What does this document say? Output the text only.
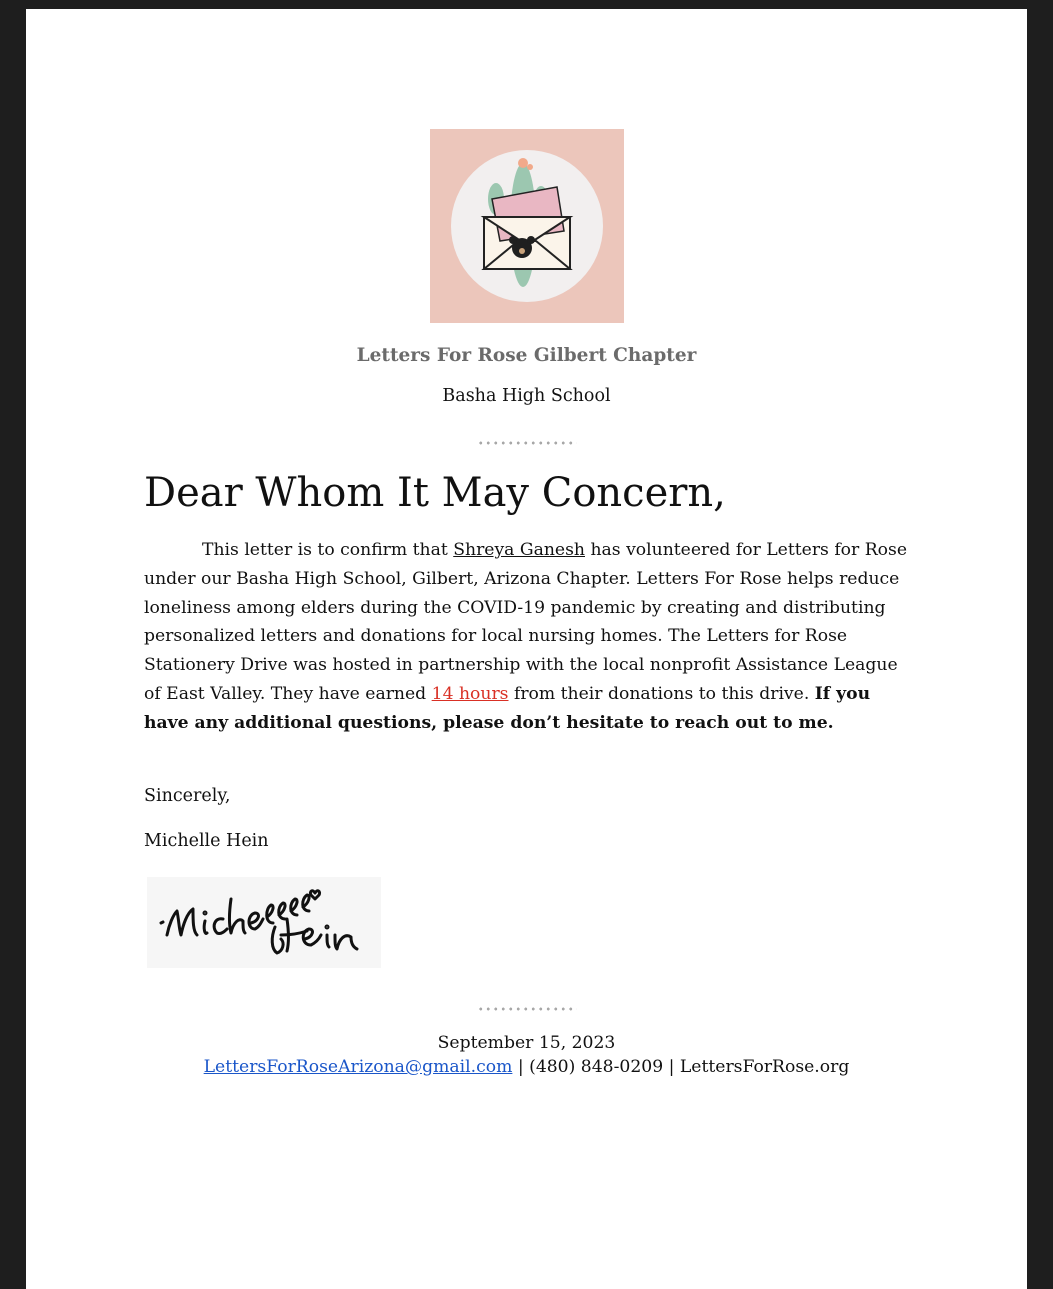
Letters For Rose Gilbert Chapter
Basha High School
Dear Whom It May Concern,
This letter is to confirm that Shreya Ganesh has volunteered for Letters for Rose under our Basha High School, Gilbert, Arizona Chapter. Letters For Rose helps reduce loneliness among elders during the COVID-19 pandemic by creating and distributing personalized letters and donations for local nursing homes. The Letters for Rose Stationery Drive was hosted in partnership with the local nonprofit Assistance League of East Valley. They have earned 14 hours from their donations to this drive. If you have any additional questions, please don’t hesitate to reach out to me.
Sincerely,
Michelle Hein
September 15, 2023
LettersForRoseArizona@gmail.com | (480) 848-0209 | LettersForRose.org
